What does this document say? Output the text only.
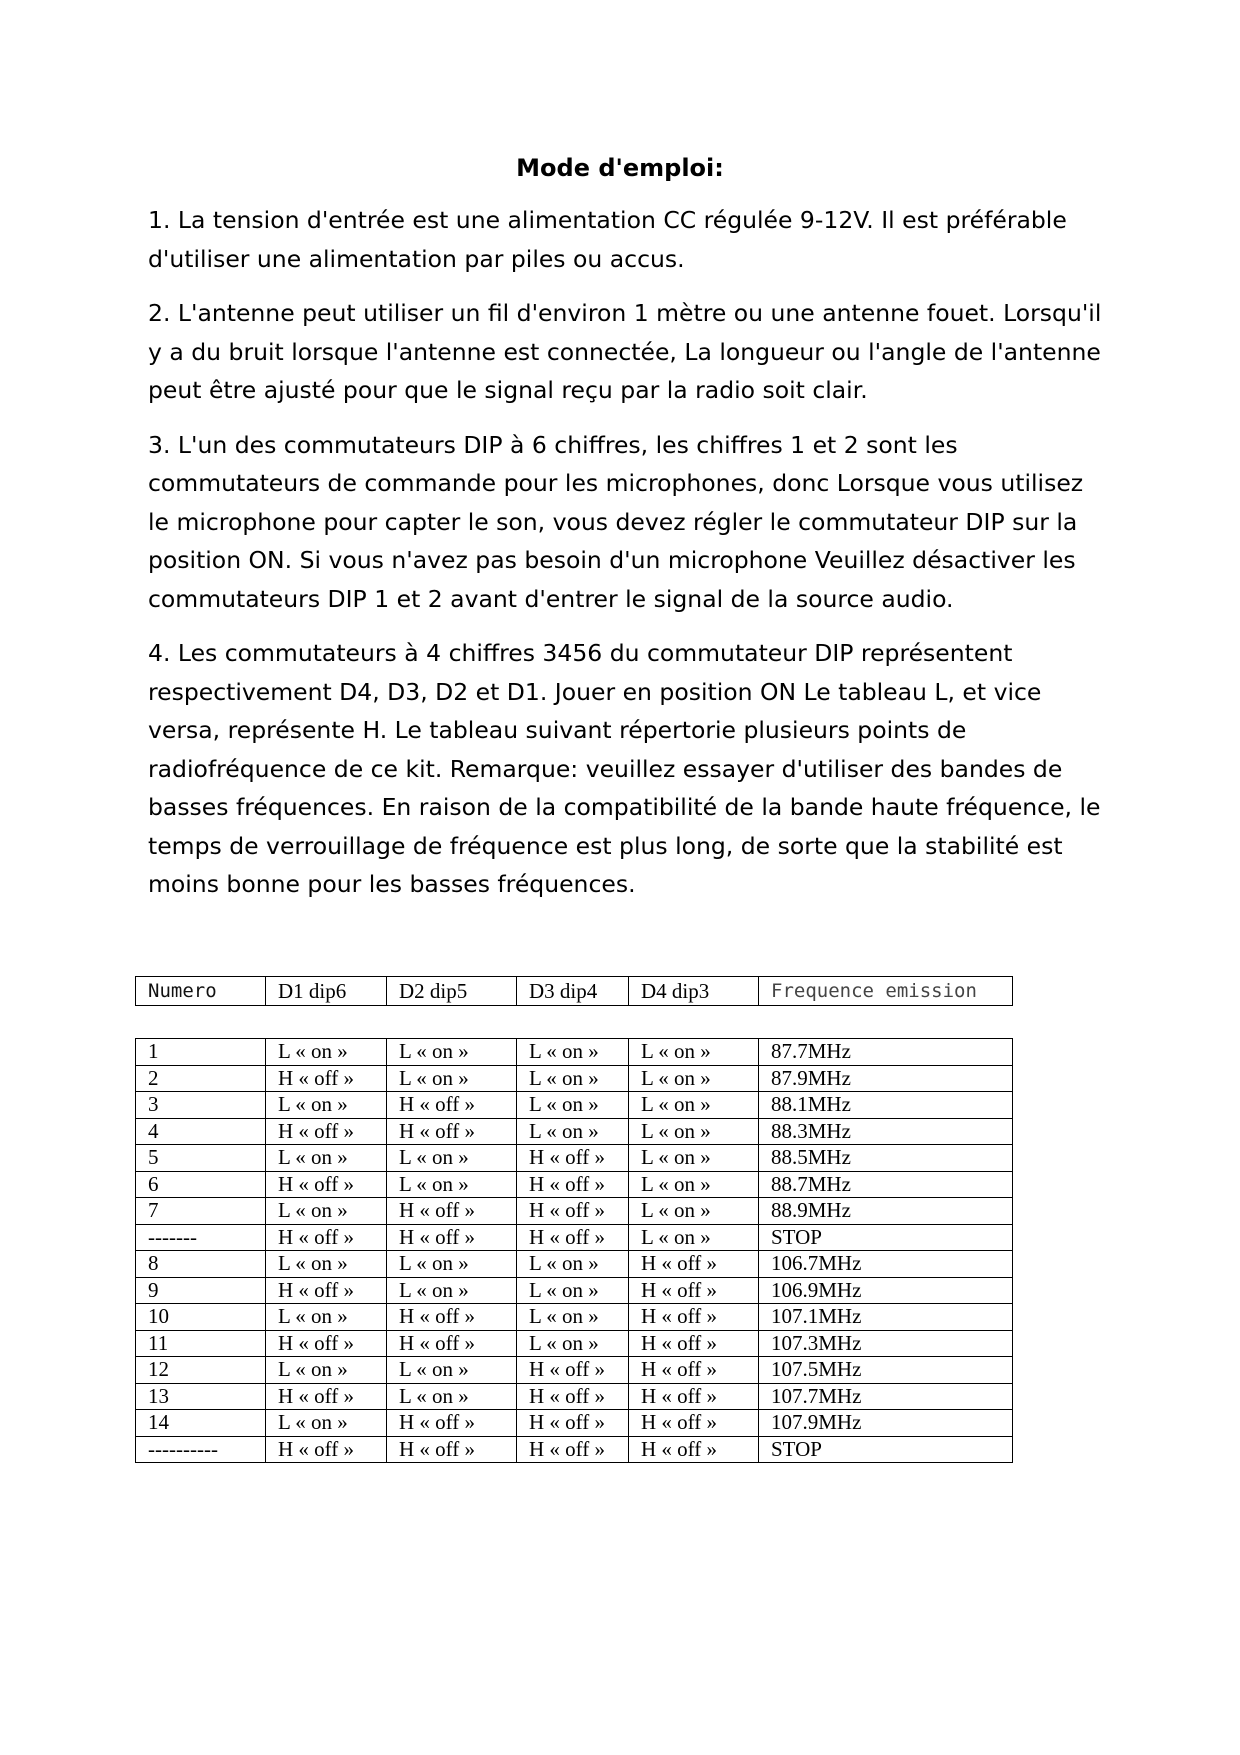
Mode d'emploi:

1. La tension d'entrée est une alimentation CC régulée 9-12V. Il est préférable d'utiliser une alimentation par piles ou accus.

2. L'antenne peut utiliser un fil d'environ 1 mètre ou une antenne fouet. Lorsqu'il y a du bruit lorsque l'antenne est connectée, La longueur ou l'angle de l'antenne peut être ajusté pour que le signal reçu par la radio soit clair.

3. L'un des commutateurs DIP à 6 chiffres, les chiffres 1 et 2 sont les commutateurs de commande pour les microphones, donc Lorsque vous utilisez le microphone pour capter le son, vous devez régler le commutateur DIP sur la position ON. Si vous n'avez pas besoin d'un microphone Veuillez désactiver les commutateurs DIP 1 et 2 avant d'entrer le signal de la source audio.

4. Les commutateurs à 4 chiffres 3456 du commutateur DIP représentent respectivement D4, D3, D2 et D1. Jouer en position ON Le tableau L, et vice versa, représente H. Le tableau suivant répertorie plusieurs points de radiofréquence de ce kit. Remarque: veuillez essayer d'utiliser des bandes de basses fréquences. En raison de la compatibilité de la bande haute fréquence, le temps de verrouillage de fréquence est plus long, de sorte que la stabilité est moins bonne pour les basses fréquences.

Numero	D1 dip6	D2 dip5	D3 dip4	D4 dip3	Frequence emission
1	L « on »	L « on »	L « on »	L « on »	87.7MHz
2	H « off »	L « on »	L « on »	L « on »	87.9MHz
3	L « on »	H « off »	L « on »	L « on »	88.1MHz
4	H « off »	H « off »	L « on »	L « on »	88.3MHz
5	L « on »	L « on »	H « off »	L « on »	88.5MHz
6	H « off »	L « on »	H « off »	L « on »	88.7MHz
7	L « on »	H « off »	H « off »	L « on »	88.9MHz
-------	H « off »	H « off »	H « off »	L « on »	STOP
8	L « on »	L « on »	L « on »	H « off »	106.7MHz
9	H « off »	L « on »	L « on »	H « off »	106.9MHz
10	L « on »	H « off »	L « on »	H « off »	107.1MHz
11	H « off »	H « off »	L « on »	H « off »	107.3MHz
12	L « on »	L « on »	H « off »	H « off »	107.5MHz
13	H « off »	L « on »	H « off »	H « off »	107.7MHz
14	L « on »	H « off »	H « off »	H « off »	107.9MHz
----------	H « off »	H « off »	H « off »	H « off »	STOP
